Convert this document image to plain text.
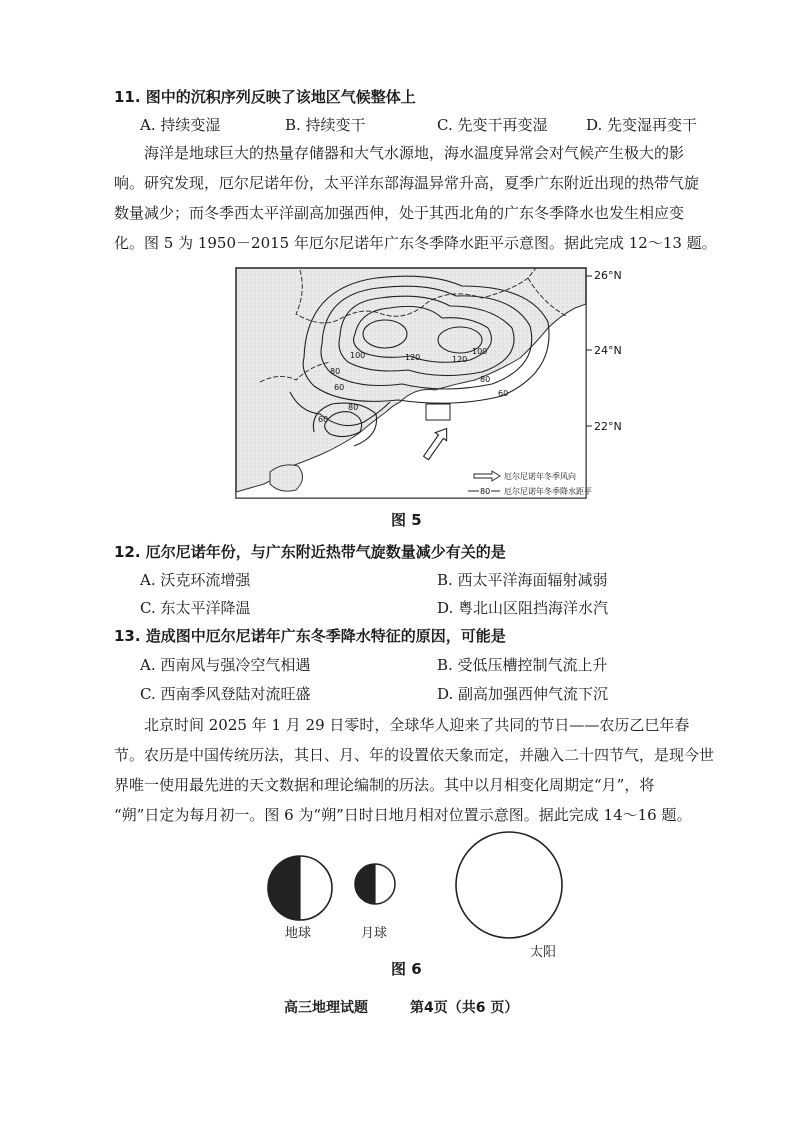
11. 图中的沉积序列反映了该地区气候整体上
A. 持续变湿	B. 持续变干	C. 先变干再变湿	D. 先变湿再变干
海洋是地球巨大的热量存储器和大气水源地，海水温度异常会对气候产生极大的影
响。研究发现，厄尔尼诺年份，太平洋东部海温异常升高，夏季广东附近出现的热带气旋
数量减少；而冬季西太平洋副高加强西伸，处于其西北角的广东冬季降水也发生相应变
化。图 5 为 1950－2015 年厄尔尼诺年广东冬季降水距平示意图。据此完成 12～13 题。
120	120
100	100
80
80
60
60
80
60
厄尔尼诺年冬季风向
80 厄尔尼诺年冬季降水距平
26°N
24°N
22°N
图 5
12. 厄尔尼诺年份，与广东附近热带气旋数量减少有关的是
A. 沃克环流增强	B. 西太平洋海面辐射减弱
C. 东太平洋降温	D. 粤北山区阻挡海洋水汽
13. 造成图中厄尔尼诺年广东冬季降水特征的原因，可能是
A. 西南风与强冷空气相遇	B. 受低压槽控制气流上升
C. 西南季风登陆对流旺盛	D. 副高加强西伸气流下沉
北京时间 2025 年 1 月 29 日零时，全球华人迎来了共同的节日——农历乙巳年春
节。农历是中国传统历法，其日、月、年的设置依天象而定，并融入二十四节气，是现今世
界唯一使用最先进的天文数据和理论编制的历法。其中以月相变化周期定“月”，将
“朔”日定为每月初一。图 6 为“朔”日时日地月相对位置示意图。据此完成 14～16 题。
地球	月球
太阳
图 6
高三地理试题	第4页（共6 页）
